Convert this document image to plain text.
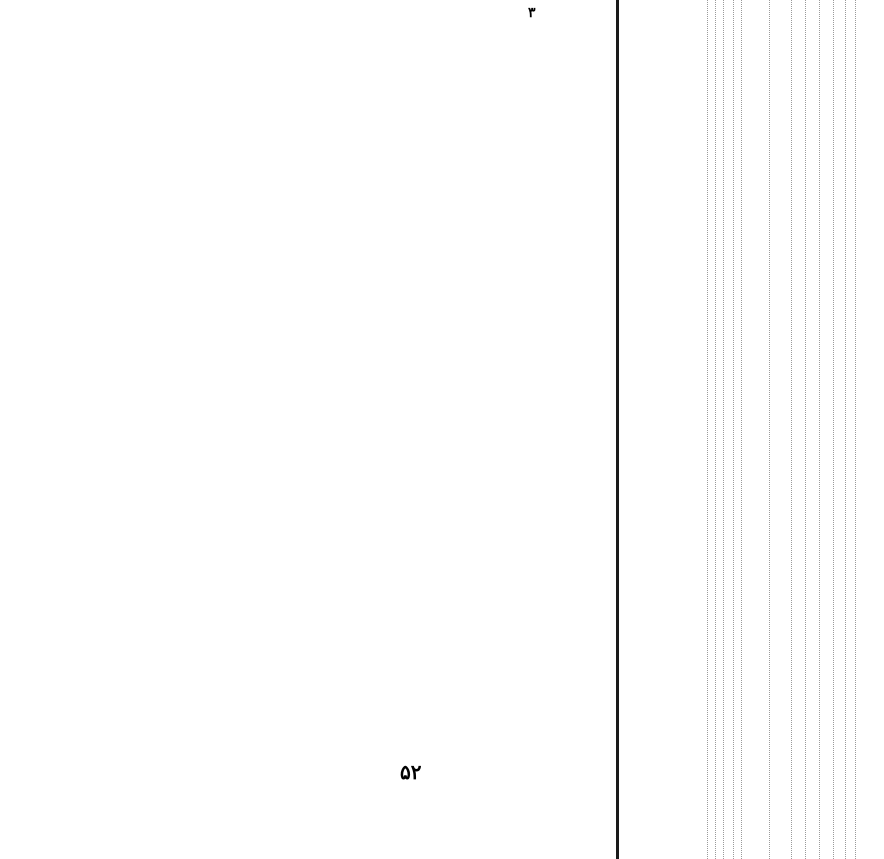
٣
۵۲
